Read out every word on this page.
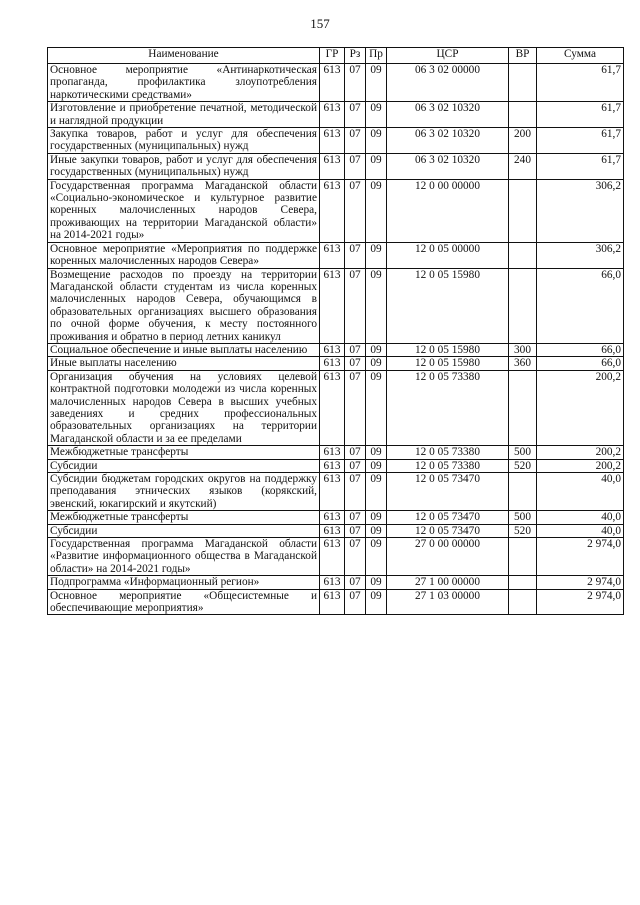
157
Наименование	ГР	Рз	Пр	ЦСР	ВР	Сумма
Основное мероприятие «Антинаркотическая пропаганда, профилактика злоупотребления наркотическими средствами»	613	07	09	06 3 02 00000		61,7
Изготовление и приобретение печатной, методической и наглядной продукции	613	07	09	06 3 02 10320		61,7
Закупка товаров, работ и услуг для обеспечения государственных (муниципальных) нужд	613	07	09	06 3 02 10320	200	61,7
Иные закупки товаров, работ и услуг для обеспечения государственных (муниципальных) нужд	613	07	09	06 3 02 10320	240	61,7
Государственная программа Магаданской области «Социально-экономическое и культурное развитие коренных малочисленных народов Севера, проживающих на территории Магаданской области» на 2014-2021 годы»	613	07	09	12 0 00 00000		306,2
Основное мероприятие «Мероприятия по поддержке коренных малочисленных народов Севера»	613	07	09	12 0 05 00000		306,2
Возмещение расходов по проезду на территории Магаданской области студентам из числа коренных малочисленных народов Севера, обучающимся в образовательных организациях высшего образования по очной форме обучения, к месту постоянного проживания и обратно в период летних каникул	613	07	09	12 0 05 15980		66,0
Социальное обеспечение и иные выплаты населению	613	07	09	12 0 05 15980	300	66,0
Иные выплаты населению	613	07	09	12 0 05 15980	360	66,0
Организация обучения на условиях целевой контрактной подготовки молодежи из числа коренных малочисленных народов Севера в высших учебных заведениях и средних профессиональных образовательных организациях на территории Магаданской области и за ее пределами	613	07	09	12 0 05 73380		200,2
Межбюджетные трансферты	613	07	09	12 0 05 73380	500	200,2
Субсидии	613	07	09	12 0 05 73380	520	200,2
Субсидии бюджетам городских округов на поддержку преподавания этнических языков (корякский, эвенский, юкагирский и якутский)	613	07	09	12 0 05 73470		40,0
Межбюджетные трансферты	613	07	09	12 0 05 73470	500	40,0
Субсидии	613	07	09	12 0 05 73470	520	40,0
Государственная программа Магаданской области «Развитие информационного общества в Магаданской области» на 2014-2021 годы»	613	07	09	27 0 00 00000		2 974,0
Подпрограмма «Информационный регион»	613	07	09	27 1 00 00000		2 974,0
Основное мероприятие «Общесистемные и обеспечивающие мероприятия»	613	07	09	27 1 03 00000		2 974,0
